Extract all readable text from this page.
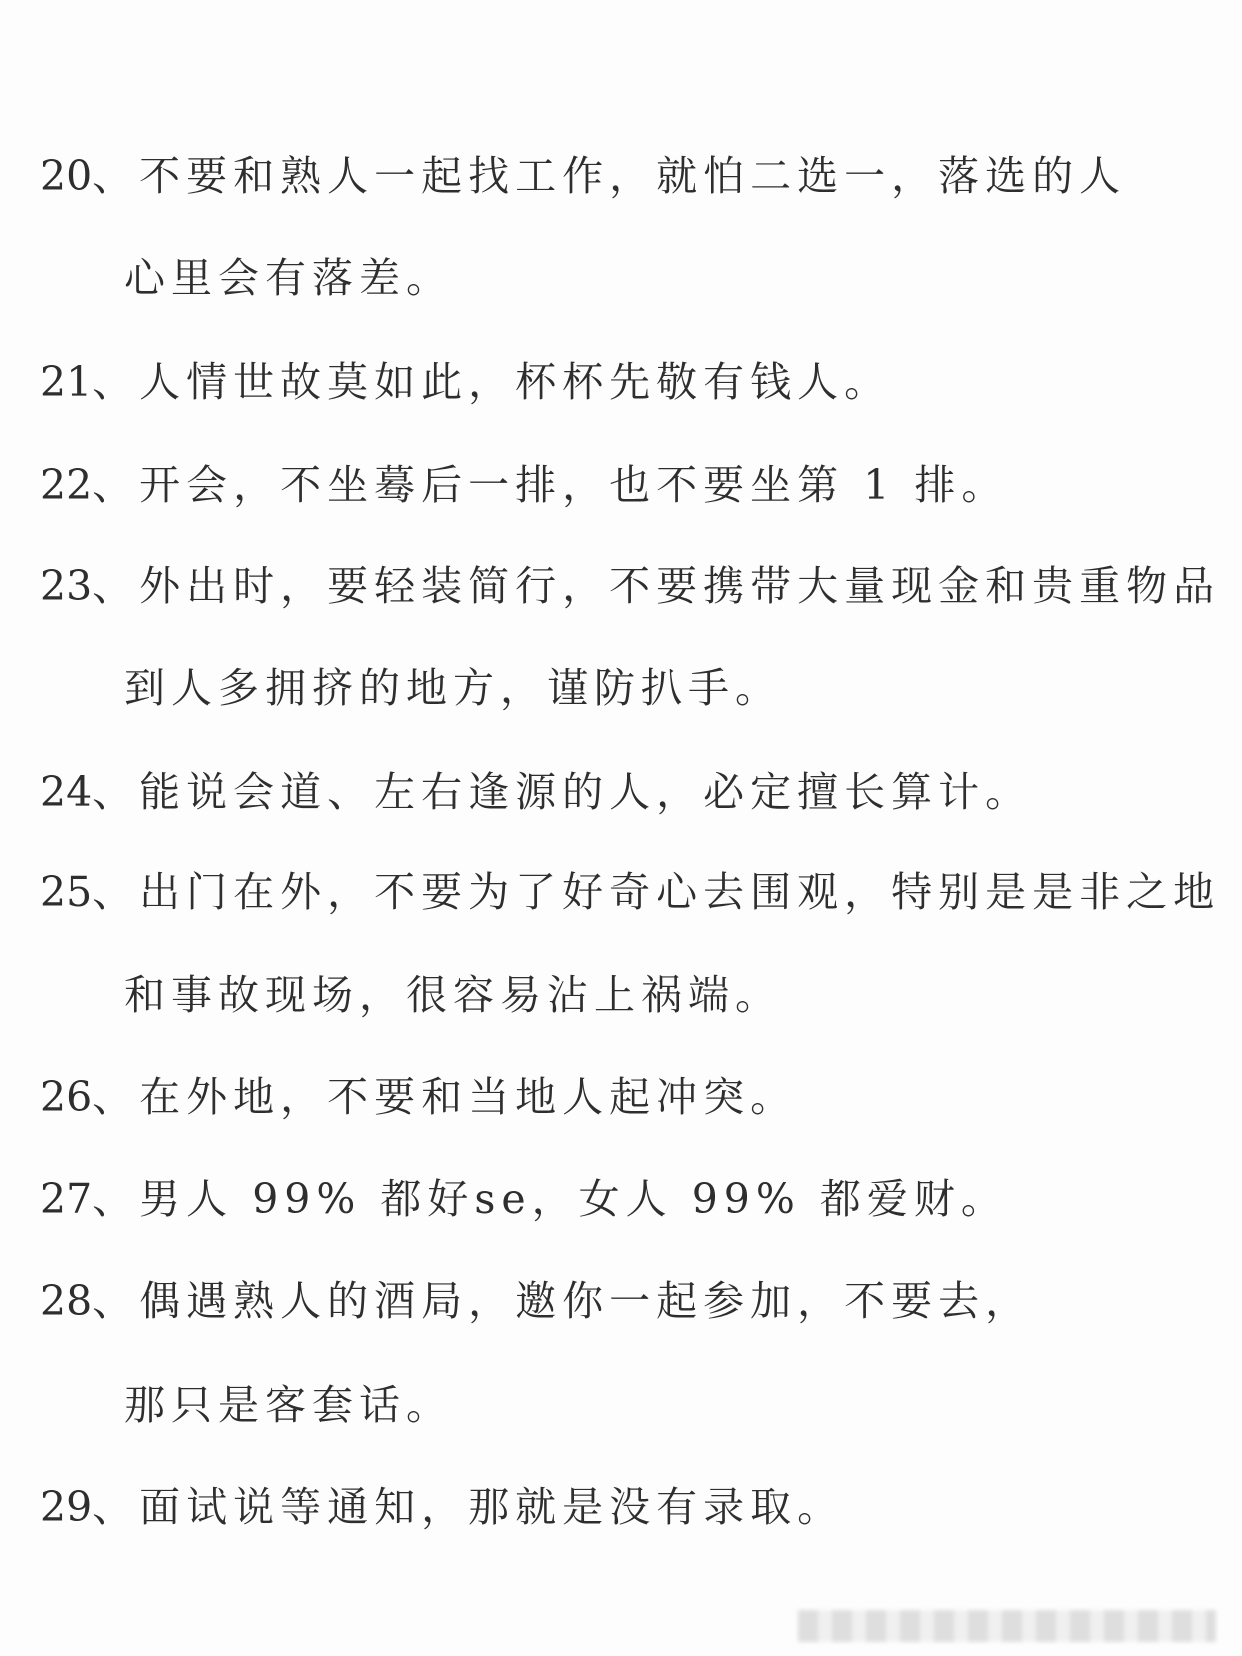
20、不要和熟人一起找工作，就怕二选一，落选的人
心里会有落差。
21、人情世故莫如此，杯杯先敬有钱人。
22、开会，不坐蓦后一排，也不要坐第 1 排。
23、外出时，要轻装简行，不要携带大量现金和贵重物品
到人多拥挤的地方，谨防扒手。
24、能说会道、左右逢源的人，必定擅长算计。
25、出门在外，不要为了好奇心去围观，特别是是非之地
和事故现场，很容易沾上祸端。
26、在外地，不要和当地人起冲突。
27、男人 99% 都好se，女人 99% 都爱财。
28、偶遇熟人的酒局，邀你一起参加，不要去，
那只是客套话。
29、面试说等通知，那就是没有录取。
